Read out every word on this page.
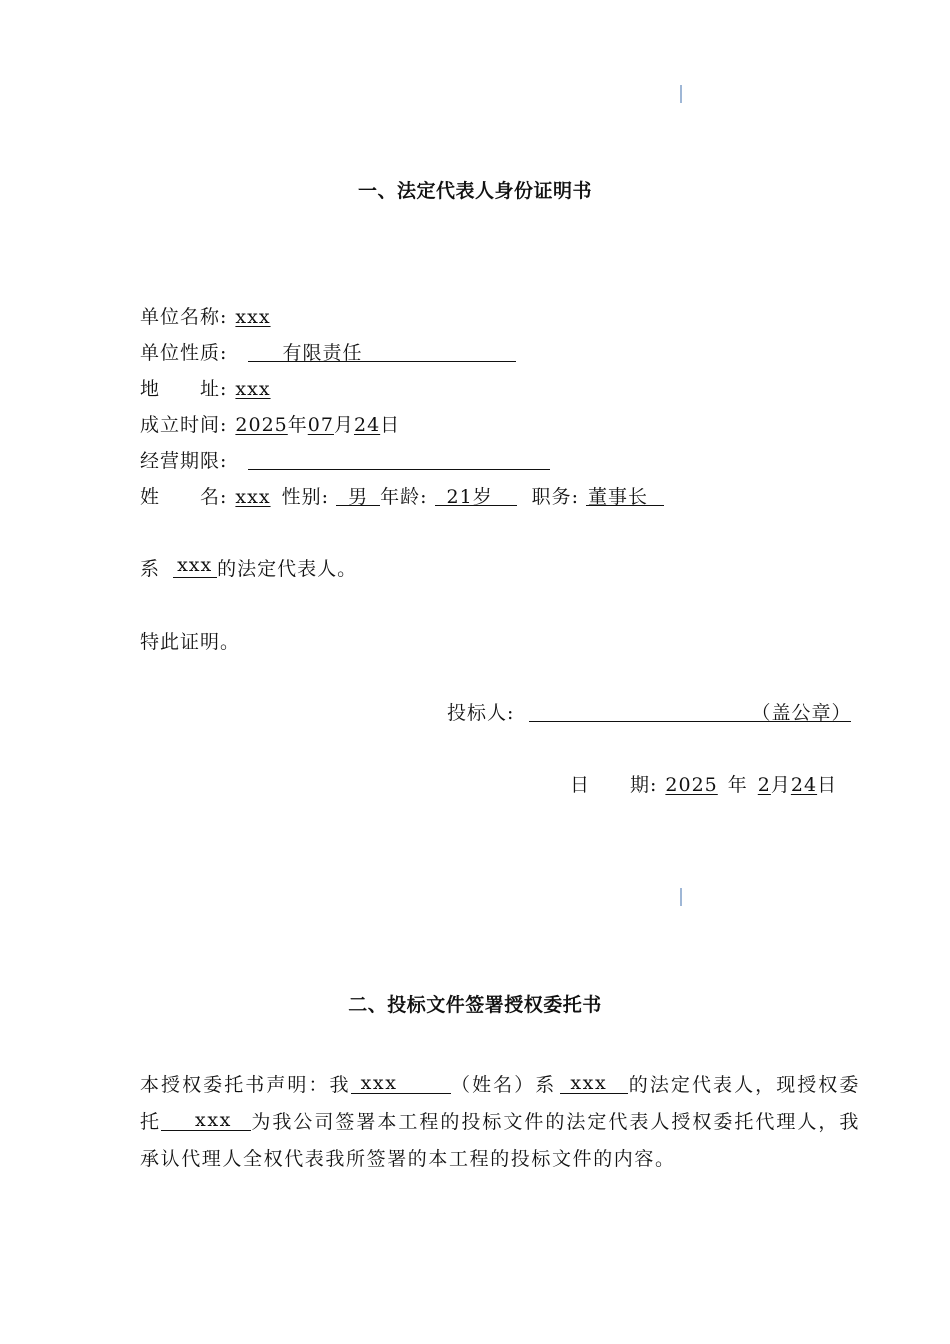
一、法定代表人身份证明书
单位名称: xxx
单位性质:	有限责任
地　　址: xxx
成立时间: 2025年07月24日
经营期限:
姓　　名: xxx 性别: 男 年龄: 21岁 职务: 董事长
系 xxx 的法定代表人。
特此证明。
投标人:	（盖公章）
日　　期: 2025 年 2月24日
二、投标文件签署授权委托书
本授权委托书声明：我 xxx	（姓名）系 xxx 的法定代表人，现授权委托 xxx 为我公司签署本工程的投标文件的法定代表人授权委托代理人，我承认代理人全权代表我所签署的本工程的投标文件的内容。
